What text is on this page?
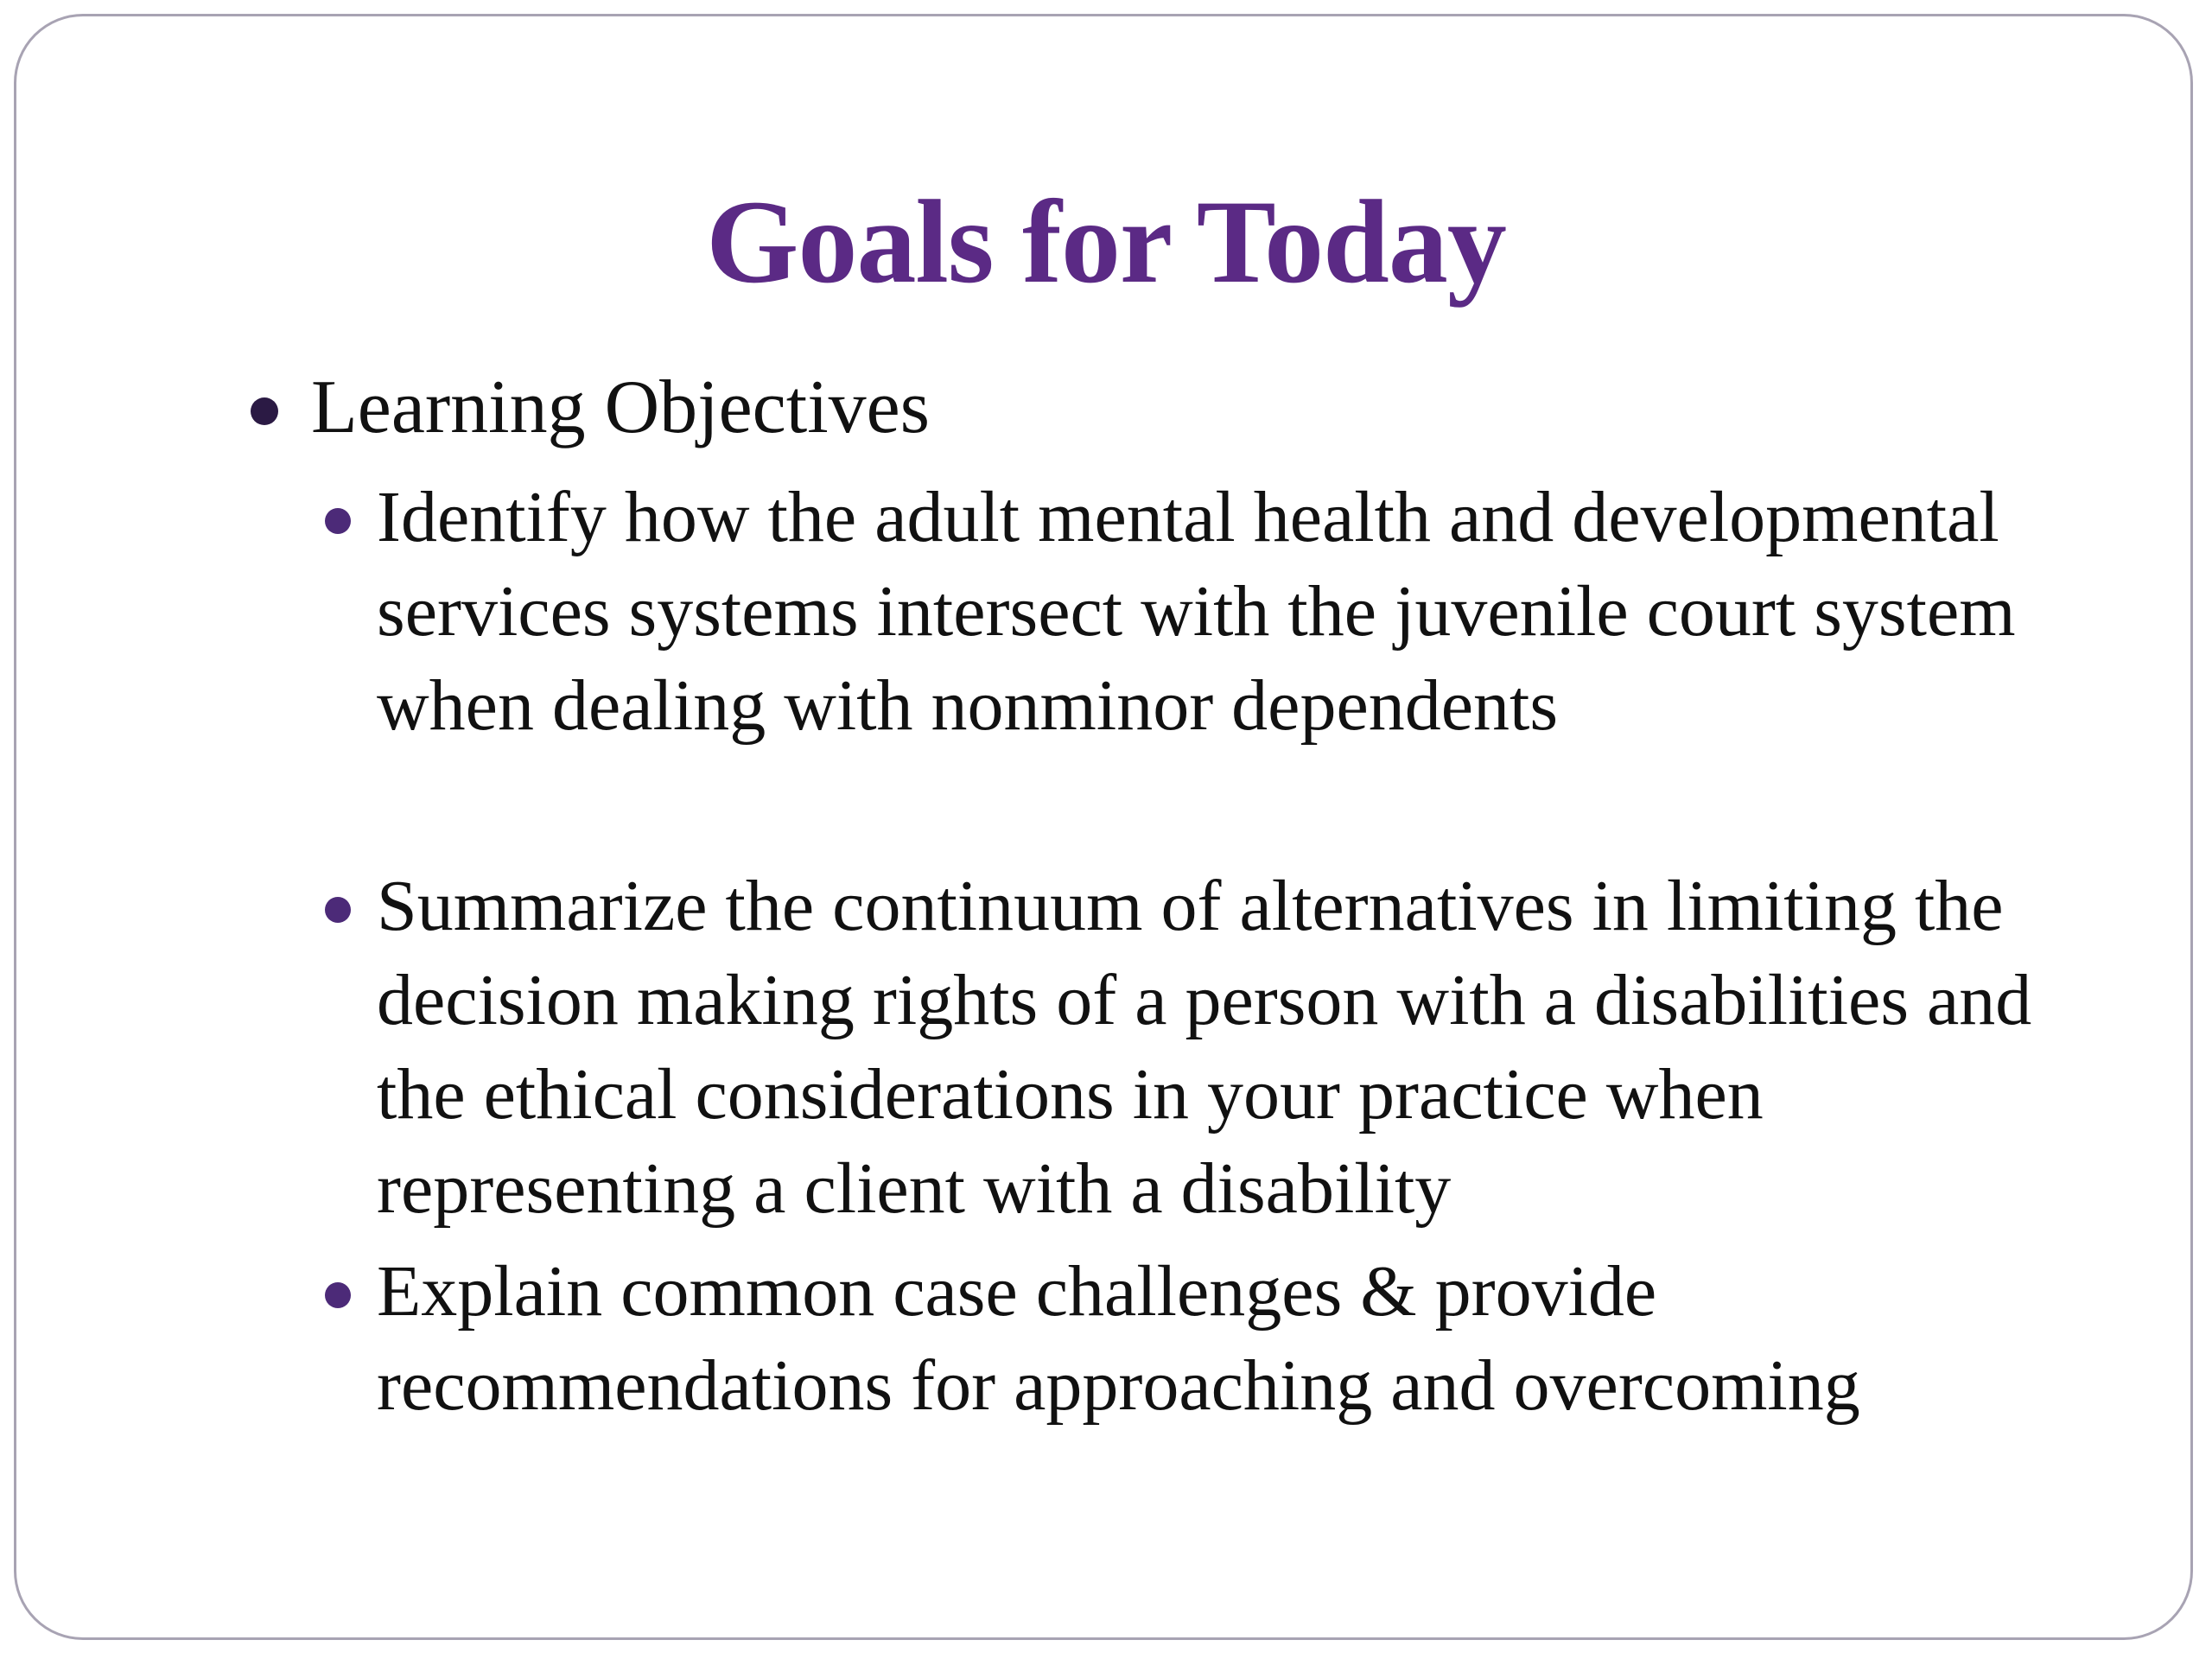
Goals for Today
Learning Objectives
Identify how the adult mental health and developmental services systems intersect with the juvenile court system when dealing with nonminor dependents
Summarize the continuum of alternatives in limiting the decision making rights of a person with a disabilities and the ethical considerations in your practice when representing a client with a disability
Explain common case challenges & provide recommendations for approaching and overcoming
